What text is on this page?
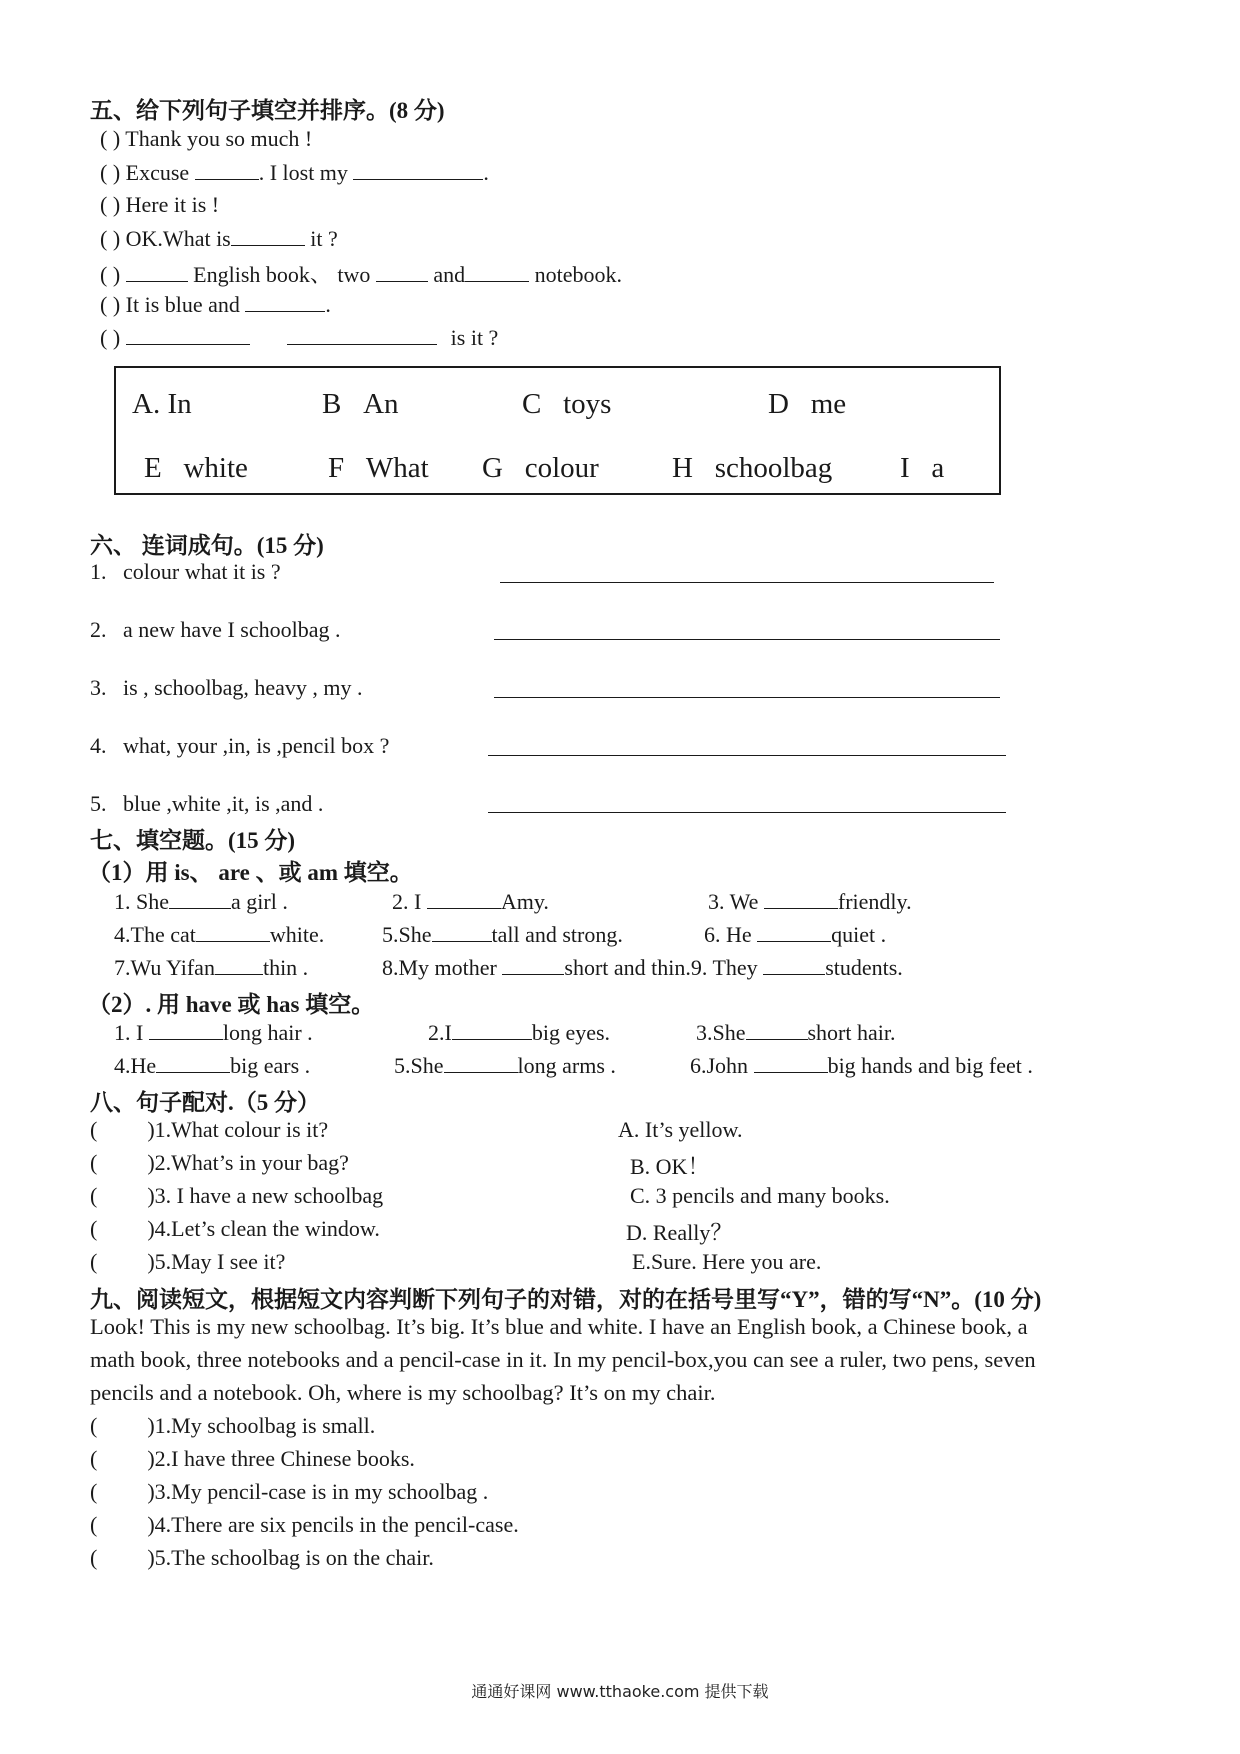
五、给下列句子填空并排序。(8 分)
( ) Thank you so much !
( ) Excuse	. I lost my	.
( ) Here it is !
( ) OK.What is	it ?
( )	English book、 two  and	notebook.
( ) It is blue and	.
( )	is it ?
A. In	B An	C toys	D me
E white	F What G colour	H schoolbag I a
六、 连词成句。(15 分)
1. colour what it is ?
2. a new have I schoolbag .
3. is , schoolbag, heavy , my .
4. what, your ,in, is ,pencil box ?
5. blue ,white ,it, is ,and .
七、填空题。(15 分)
（1）用 is、 are 、或 am 填空。
1. She	a girl .	2. I	Amy.	3. We	friendly.
4.The cat	white.	5.She	tall and strong.	6. He	quiet .
7.Wu Yifan thin .	8.My mother	short and thin.9. They	students.
（2）. 用 have 或 has 填空。
1. I	long hair .	2.I	big eyes.	3.She	short hair.
4.He	big ears .	5.She	long arms .	6.John	big hands and big feet .
八、句子配对.（5 分）
( )1.What colour is it?
( )2.What’s in your bag?
( )3. I have a new schoolbag
( )4.Let’s clean the window.
( )5.May I see it?
A. It’s yellow.
B. OK！
C. 3 pencils and many books.
D. Really？
E.Sure. Here you are.
九、阅读短文，根据短文内容判断下列句子的对错，对的在括号里写“Y”，错的写“N”。(10 分)
Look! This is my new schoolbag. It’s big. It’s blue and white. I have an English book, a Chinese book, a
math book, three notebooks and a pencil-case in it. In my pencil-box,you can see a ruler, two pens, seven
pencils and a notebook. Oh, where is my schoolbag? It’s on my chair.
( )1.My schoolbag is small.
( )2.I have three Chinese books.
( )3.My pencil-case is in my schoolbag .
( )4.There are six pencils in the pencil-case.
( )5.The schoolbag is on the chair.
通通好课网 www.tthaoke.com 提供下载
